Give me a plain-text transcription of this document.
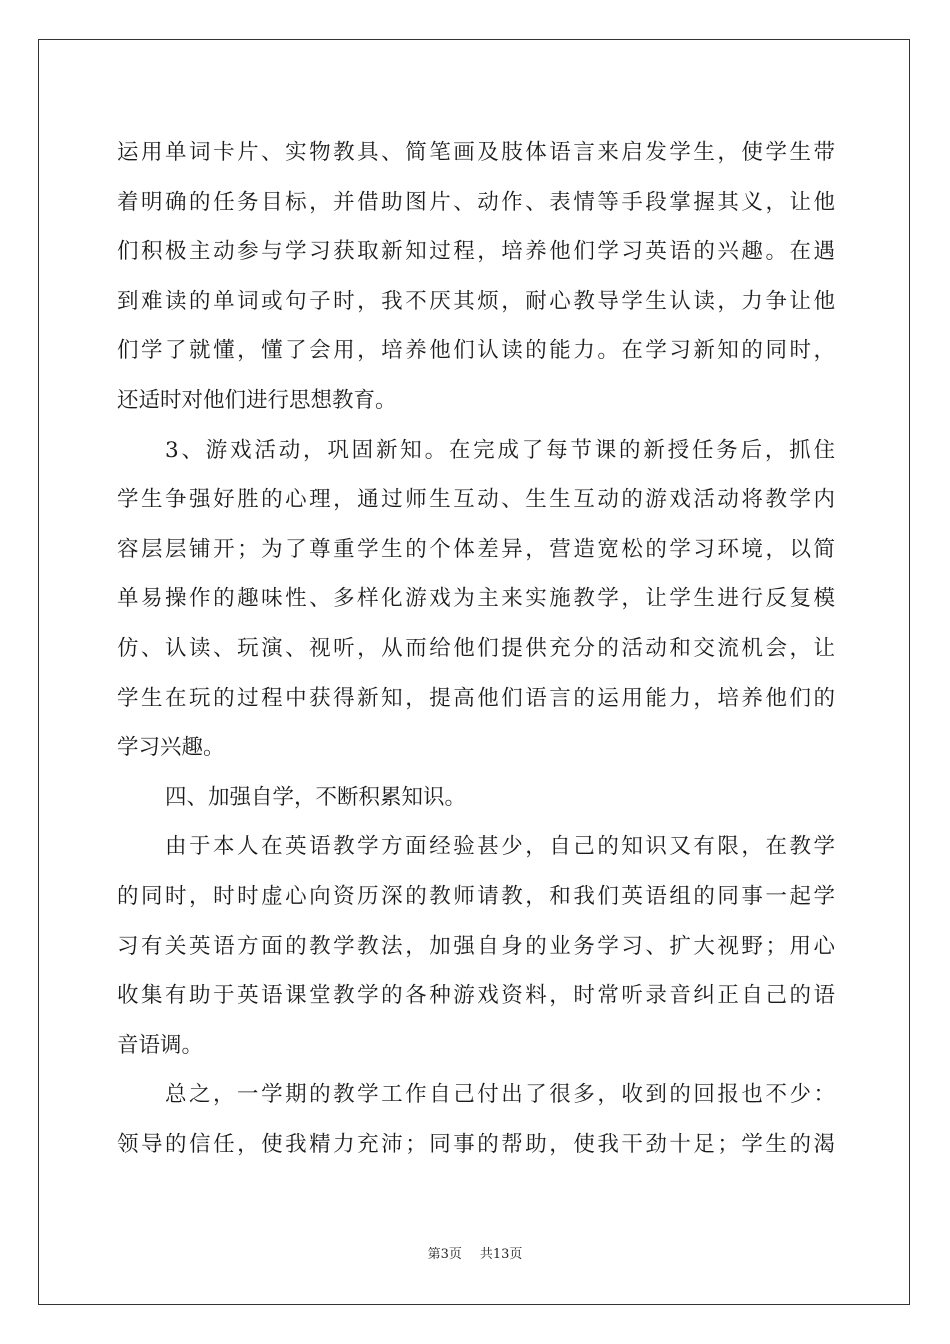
运用单词卡片、实物教具、简笔画及肢体语言来启发学生，使学生带
着明确的任务目标，并借助图片、动作、表情等手段掌握其义，让他
们积极主动参与学习获取新知过程，培养他们学习英语的兴趣。在遇
到难读的单词或句子时，我不厌其烦，耐心教导学生认读，力争让他
们学了就懂，懂了会用，培养他们认读的能力。在学习新知的同时，
还适时对他们进行思想教育。
3、游戏活动，巩固新知。在完成了每节课的新授任务后，抓住
学生争强好胜的心理，通过师生互动、生生互动的游戏活动将教学内
容层层铺开；为了尊重学生的个体差异，营造宽松的学习环境，以简
单易操作的趣味性、多样化游戏为主来实施教学，让学生进行反复模
仿、认读、玩演、视听，从而给他们提供充分的活动和交流机会，让
学生在玩的过程中获得新知，提高他们语言的运用能力，培养他们的
学习兴趣。
四、加强自学，不断积累知识。
由于本人在英语教学方面经验甚少，自己的知识又有限，在教学
的同时，时时虚心向资历深的教师请教，和我们英语组的同事一起学
习有关英语方面的教学教法，加强自身的业务学习、扩大视野；用心
收集有助于英语课堂教学的各种游戏资料，时常听录音纠正自己的语
音语调。
总之，一学期的教学工作自己付出了很多，收到的回报也不少：
领导的信任，使我精力充沛；同事的帮助，使我干劲十足；学生的渴
第3页 共13页
